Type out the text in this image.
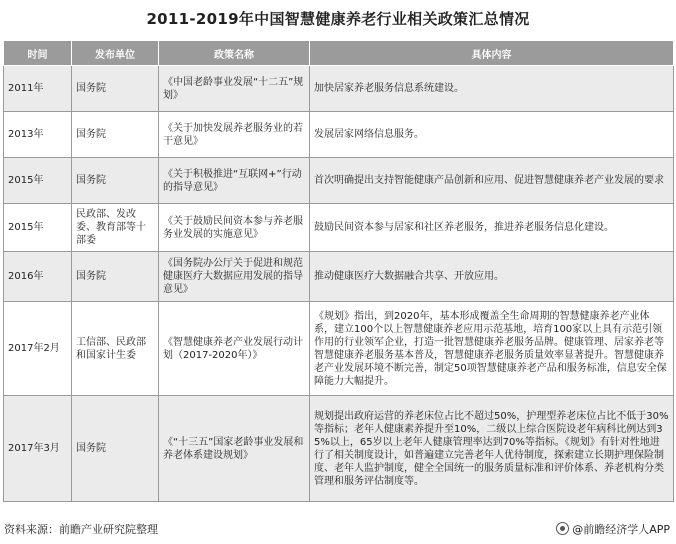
2011-2019年中国智慧健康养老行业相关政策汇总情况
时间	发布单位	政策名称	具体内容
2011年	国务院	《中国老龄事业发展“十二五”规划》	加快居家养老服务信息系统建设。
2013年	国务院	《关于加快发展养老服务业的若干意见》	发展居家网络信息服务。
2015年	国务院	《关于积极推进“互联网+”行动的指导意见》	首次明确提出支持智能健康产品创新和应用、促进智慧健康养老产业发展的要求
2015年	民政部、发改委、教育部等十部委	《关于鼓励民间资本参与养老服务业发展的实施意见》	鼓励民间资本参与居家和社区养老服务，推进养老服务信息化建设。
2016年	国务院	《国务院办公厅关于促进和规范健康医疗大数据应用发展的指导意见》	推动健康医疗大数据融合共享、开放应用。
2017年2月	工信部、民政部和国家计生委	《智慧健康养老产业发展行动计划（2017-2020年）》	《规划》指出，到2020年，基本形成覆盖全生命周期的智慧健康养老产业体系，建立100个以上智慧健康养老应用示范基地，培育100家以上具有示范引领作用的行业领军企业，打造一批智慧健康养老服务品牌。健康管理、居家养老等智慧健康养老服务基本普及，智慧健康养老服务质量效率显著提升。智慧健康养老产业发展环境不断完善，制定50项智慧健康养老产品和服务标准，信息安全保障能力大幅提升。
2017年3月	国务院	《“十三五”国家老龄事业发展和养老体系建设规划》	规划提出政府运营的养老床位占比不超过50%，护理型养老床位占比不低于30%等指标；老年人健康素养提升至10%，二级以上综合医院设老年病科比例达到35%以上，65岁以上老年人健康管理率达到70%等指标。《规划》有针对性地进行了相关制度设计，如普遍建立完善老年人优待制度，探索建立长期护理保险制度、老年人监护制度，健全全国统一的服务质量标准和评价体系、养老机构分类管理和服务评估制度等。
资料来源：前瞻产业研究院整理	@前瞻经济学人APP
